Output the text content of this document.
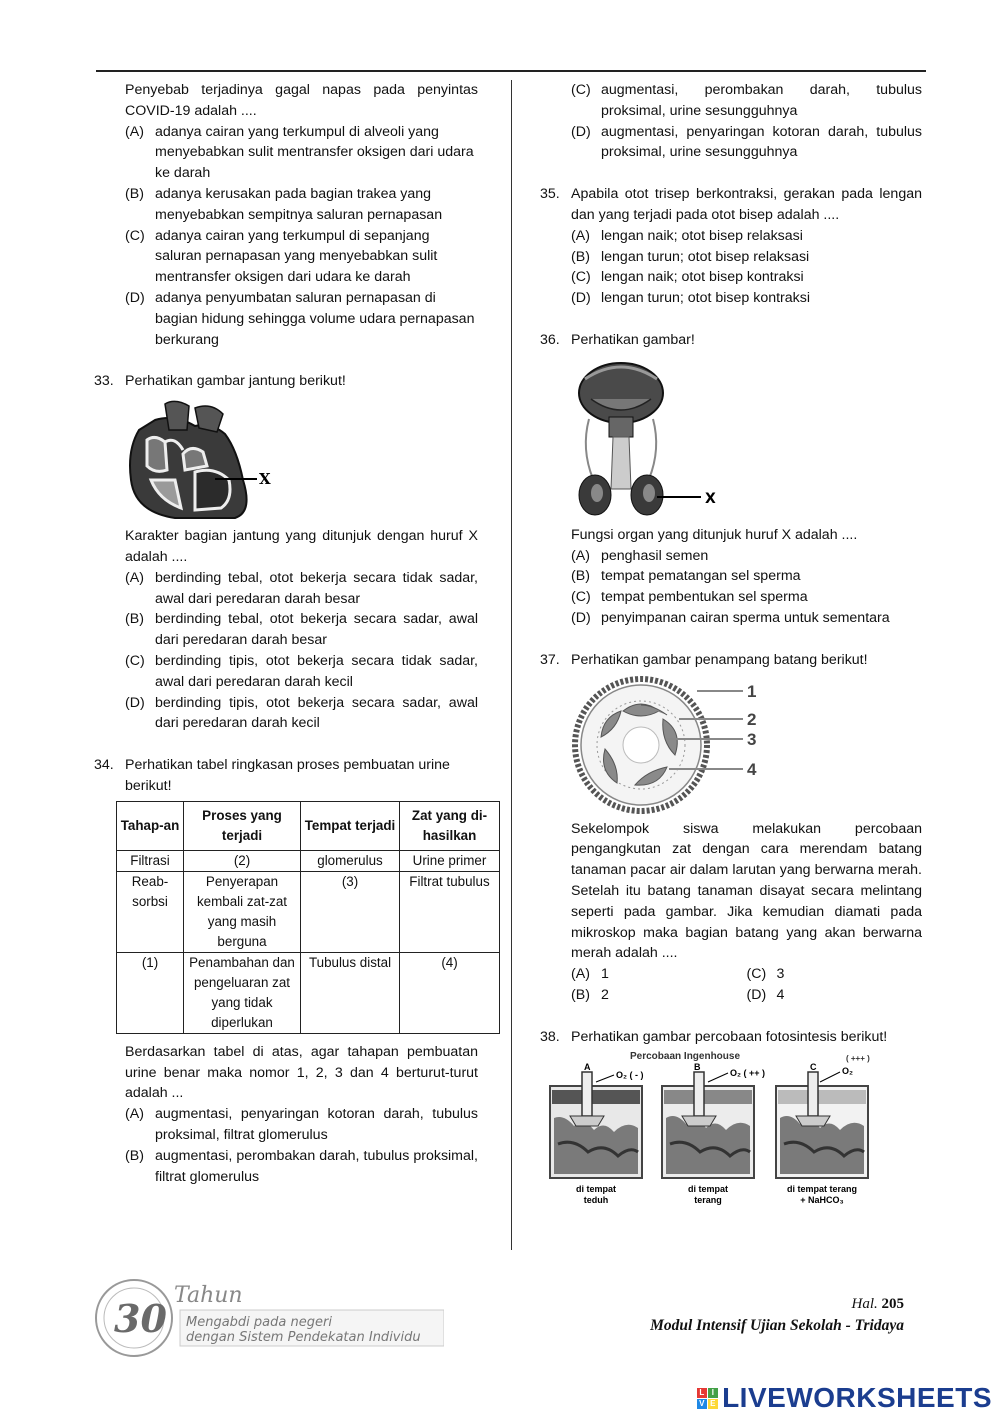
Penyebab terjadinya gagal napas pada penyintas COVID-19 adalah ....
(A) adanya cairan yang terkumpul di alveoli yang menyebabkan sulit mentransfer oksigen dari udara ke darah
(B) adanya kerusakan pada bagian trakea yang menyebabkan sempitnya saluran pernapasan
(C) adanya cairan yang terkumpul di sepanjang saluran pernapasan yang menyebabkan sulit mentransfer oksigen dari udara ke darah
(D) adanya penyumbatan saluran pernapasan di bagian hidung sehingga volume udara pernapasan berkurang
33. Perhatikan gambar jantung berikut!
X
Karakter bagian jantung yang ditunjuk dengan huruf X adalah ....
(A) berdinding tebal, otot bekerja secara tidak sadar, awal dari peredaran darah besar
(B) berdinding tebal, otot bekerja secara sadar, awal dari peredaran darah besar
(C) berdinding tipis, otot bekerja secara tidak sadar, awal dari peredaran darah kecil
(D) berdinding tipis, otot bekerja secara sadar, awal dari peredaran darah kecil
34. Perhatikan tabel ringkasan proses pembuatan urine berikut!
Tahap-an	Proses yang terjadi	Tempat terjadi	Zat yang di-hasilkan
Filtrasi	(2)	glomerulus	Urine primer
Reab-sorbsi	Penyerapan kembali zat-zat yang masih berguna	(3)	Filtrat tubulus
(1)	Penambahan dan pengeluaran zat yang tidak diperlukan	Tubulus distal	(4)
Berdasarkan tabel di atas, agar tahapan pembuatan urine benar maka nomor 1, 2, 3 dan 4 berturut-turut adalah ...
(A) augmentasi, penyaringan kotoran darah, tubulus proksimal, filtrat glomerulus
(B) augmentasi, perombakan darah, tubulus proksimal, filtrat glomerulus
(C) augmentasi, perombakan darah, tubulus proksimal, urine sesungguhnya
(D) augmentasi, penyaringan kotoran darah, tubulus proksimal, urine sesungguhnya
35. Apabila otot trisep berkontraksi, gerakan pada lengan dan yang terjadi pada otot bisep adalah ....
(A) lengan naik; otot bisep relaksasi
(B) lengan turun; otot bisep relaksasi
(C) lengan naik; otot bisep kontraksi
(D) lengan turun; otot bisep kontraksi
36. Perhatikan gambar!
X
Fungsi organ yang ditunjuk huruf X adalah ....
(A) penghasil semen
(B) tempat pematangan sel sperma
(C) tempat pembentukan sel sperma
(D) penyimpanan cairan sperma untuk sementara
37. Perhatikan gambar penampang batang berikut!
1
2
3
4
Sekelompok siswa melakukan percobaan pengangkutan zat dengan cara merendam batang tanaman pacar air dalam larutan yang berwarna merah. Setelah itu batang tanaman disayat secara melintang seperti pada gambar. Jika kemudian diamati pada mikroskop maka bagian batang yang akan berwarna merah adalah ....
(A) 1	(C) 3
(B) 2	(D) 4
38. Perhatikan gambar percobaan fotosintesis berikut!
Percobaan Ingenhouse	( +++ )
A
O₂ ( - )
di tempat
teduh
B
O₂ ( ++ )
di tempat
terang
C	O₂
di tempat terang
+ NaHCO₃
30
Tahun
Mengabdi pada negeri
dengan Sistem Pendekatan Individu
Hal. 205
Modul Intensif Ujian Sekolah - Tridaya
L I
V E LIVEWORKSHEETS
